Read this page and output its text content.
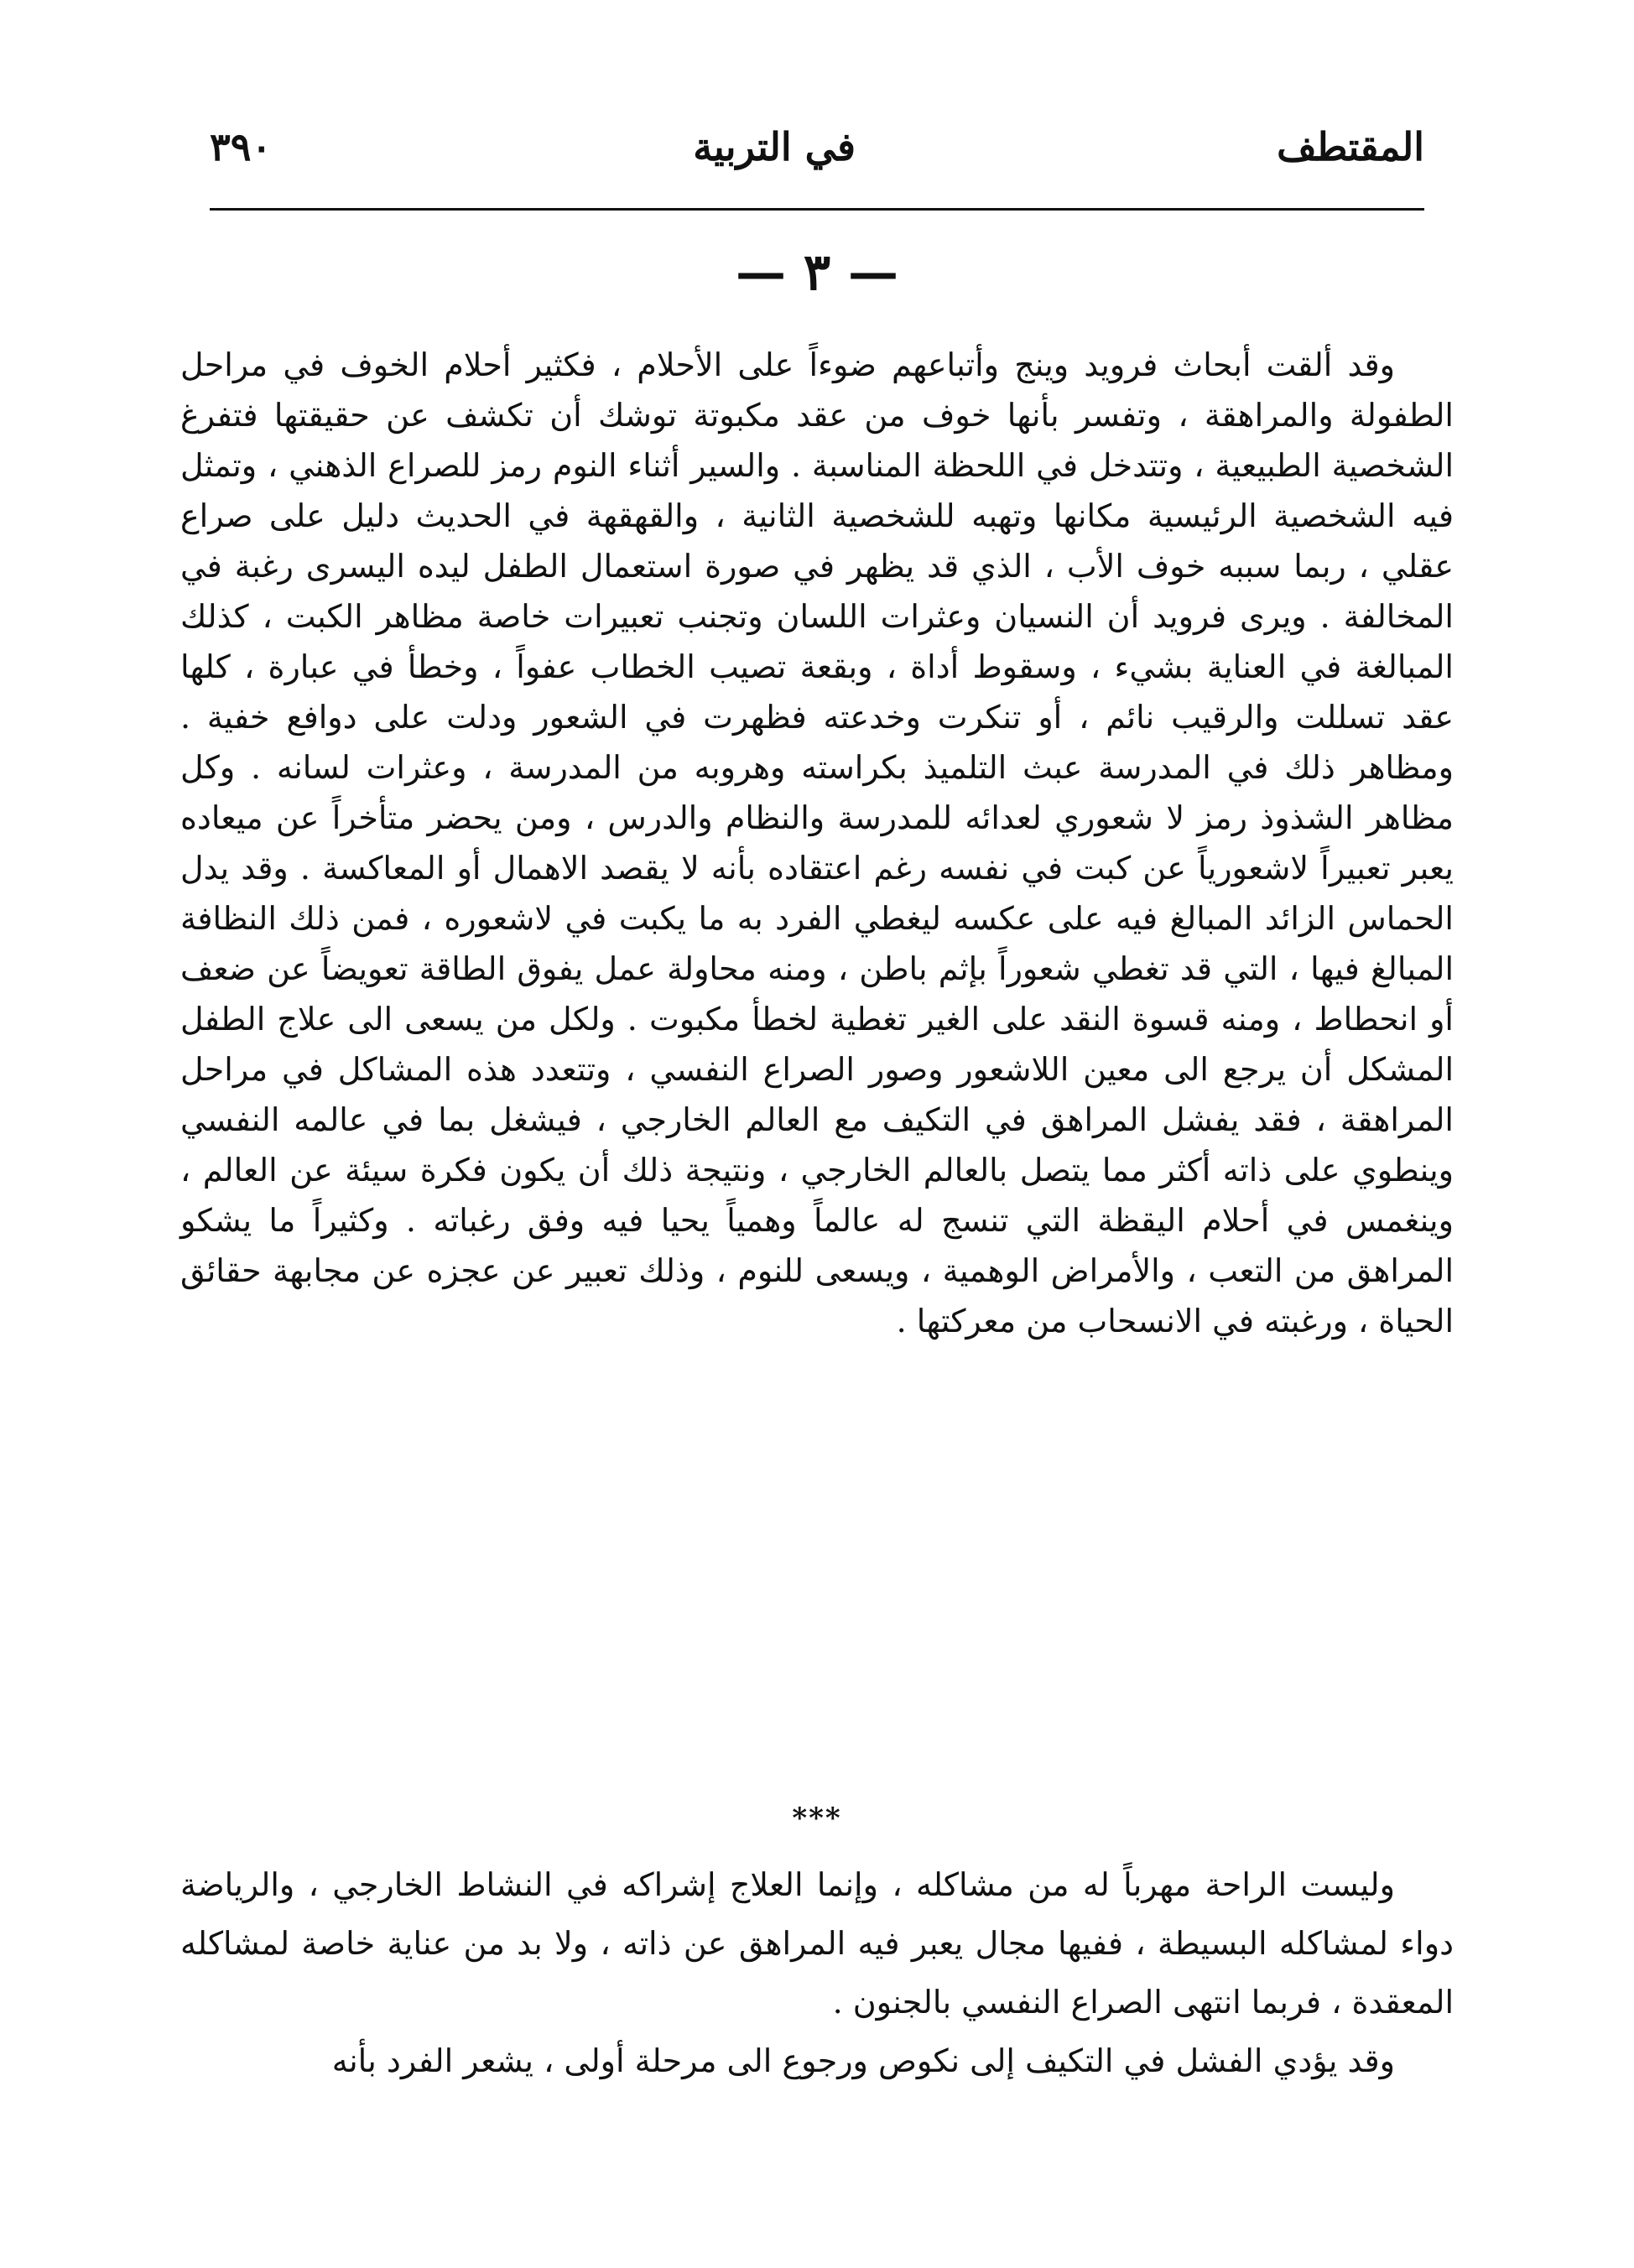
المقتطف
في التربية
٣٩٠
— ٣ —

وقد ألقت أبحاث فرويد وينج وأتباعهم ضوءاً على الأحلام ، فكثير أحلام الخوف في مراحل الطفولة والمراهقة ، وتفسر بأنها خوف من عقد مكبوتة توشك أن تكشف عن حقيقتها فتفرغ الشخصية الطبيعية ، وتتدخل في اللحظة المناسبة . والسير أثناء النوم رمز للصراع الذهني ، وتمثل فيه الشخصية الرئيسية مكانها وتهبه للشخصية الثانية ، والقهقهة في الحديث دليل على صراع عقلي ، ربما سببه خوف الأب ، الذي قد يظهر في صورة استعمال الطفل ليده اليسرى رغبة في المخالفة . ويرى فرويد أن النسيان وعثرات اللسان وتجنب تعبيرات خاصة مظاهر الكبت ، كذلك المبالغة في العناية بشيء ، وسقوط أداة ، وبقعة تصيب الخطاب عفواً ، وخطأ في عبارة ، كلها عقد تسللت والرقيب نائم ، أو تنكرت وخدعته فظهرت في الشعور ودلت على دوافع خفية . ومظاهر ذلك في المدرسة عبث التلميذ بكراسته وهروبه من المدرسة ، وعثرات لسانه . وكل مظاهر الشذوذ رمز لا شعوري لعدائه للمدرسة والنظام والدرس ، ومن يحضر متأخراً عن ميعاده يعبر تعبيراً لاشعورياً عن كبت في نفسه رغم اعتقاده بأنه لا يقصد الاهمال أو المعاكسة . وقد يدل الحماس الزائد المبالغ فيه على عكسه ليغطي الفرد به ما يكبت في لاشعوره ، فمن ذلك النظافة المبالغ فيها ، التي قد تغطي شعوراً بإثم باطن ، ومنه محاولة عمل يفوق الطاقة تعويضاً عن ضعف أو انحطاط ، ومنه قسوة النقد على الغير تغطية لخطأ مكبوت . ولكل من يسعى الى علاج الطفل المشكل أن يرجع الى معين اللاشعور وصور الصراع النفسي ، وتتعدد هذه المشاكل في مراحل المراهقة ، فقد يفشل المراهق في التكيف مع العالم الخارجي ، فيشغل بما في عالمه النفسي وينطوي على ذاته أكثر مما يتصل بالعالم الخارجي ، ونتيجة ذلك أن يكون فكرة سيئة عن العالم ، وينغمس في أحلام اليقظة التي تنسج له عالماً وهمياً يحيا فيه وفق رغباته . وكثيراً ما يشكو المراهق من التعب ، والأمراض الوهمية ، ويسعى للنوم ، وذلك تعبير عن عجزه عن مجابهة حقائق الحياة ، ورغبته في الانسحاب من معركتها .

***

وليست الراحة مهرباً له من مشاكله ، وإنما العلاج إشراكه في النشاط الخارجي ، والرياضة دواء لمشاكله البسيطة ، ففيها مجال يعبر فيه المراهق عن ذاته ، ولا بد من عناية خاصة لمشاكله المعقدة ، فربما انتهى الصراع النفسي بالجنون .

وقد يؤدي الفشل في التكيف إلى نكوص ورجوع الى مرحلة أولى ، يشعر الفرد بأنه
